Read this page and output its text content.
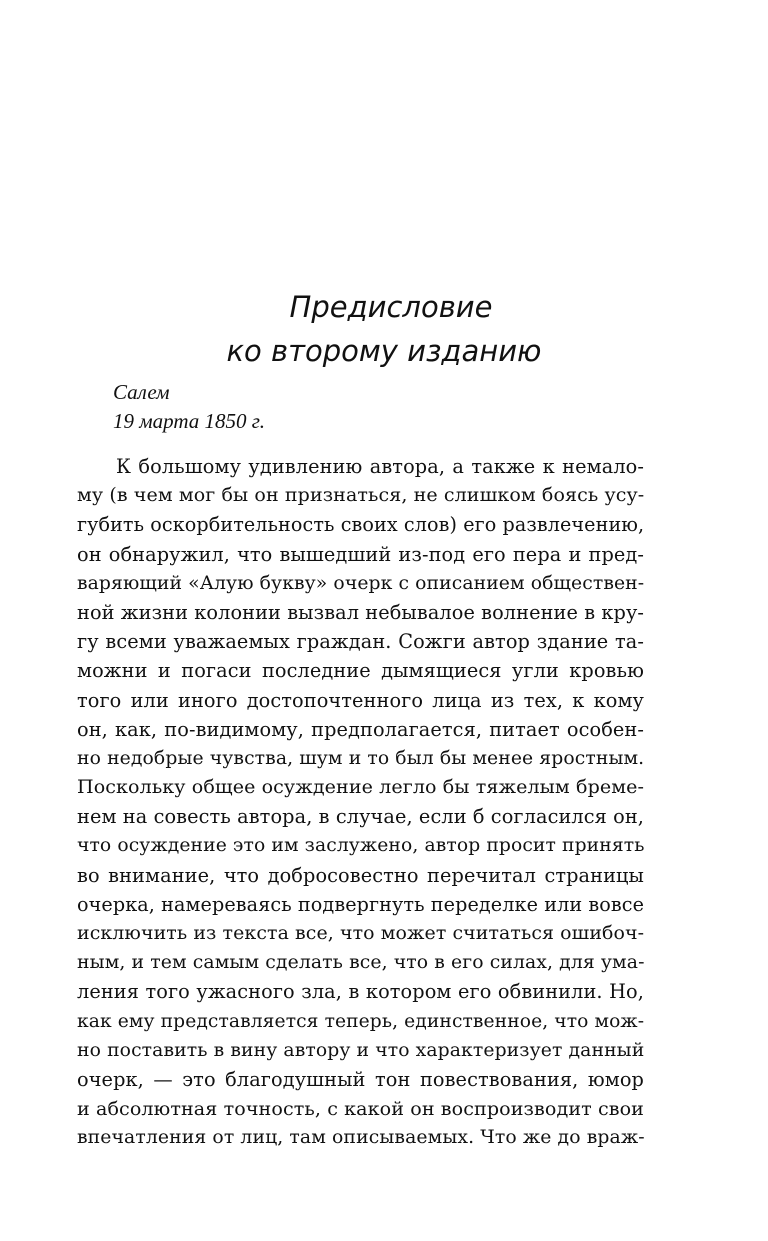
Предисловие
ко второму изданию
Салем
19 марта 1850 г.
К большому удивлению автора, а также к немало-
му (в чем мог бы он признаться, не слишком боясь усу-
губить оскорбительность своих слов) его развлечению,
он обнаружил, что вышедший из-под его пера и пред-
варяющий «Алую букву» очерк с описанием обществен-
ной жизни колонии вызвал небывалое волнение в кру-
гу всеми уважаемых граждан. Сожги автор здание та-
можни и погаси последние дымящиеся угли кровью
того или иного достопочтенного лица из тех, к кому
он, как, по-видимому, предполагается, питает особен-
но недобрые чувства, шум и то был бы менее яростным.
Поскольку общее осуждение легло бы тяжелым бреме-
нем на совесть автора, в случае, если б согласился он,
что осуждение это им заслужено, автор просит принять
во внимание, что добросовестно перечитал страницы
очерка, намереваясь подвергнуть переделке или вовсе
исключить из текста все, что может считаться ошибоч-
ным, и тем самым сделать все, что в его силах, для ума-
ления того ужасного зла, в котором его обвинили. Но,
как ему представляется теперь, единственное, что мож-
но поставить в вину автору и что характеризует данный
очерк, — это благодушный тон повествования, юмор
и абсолютная точность, с какой он воспроизводит свои
впечатления от лиц, там описываемых. Что же до враж-
